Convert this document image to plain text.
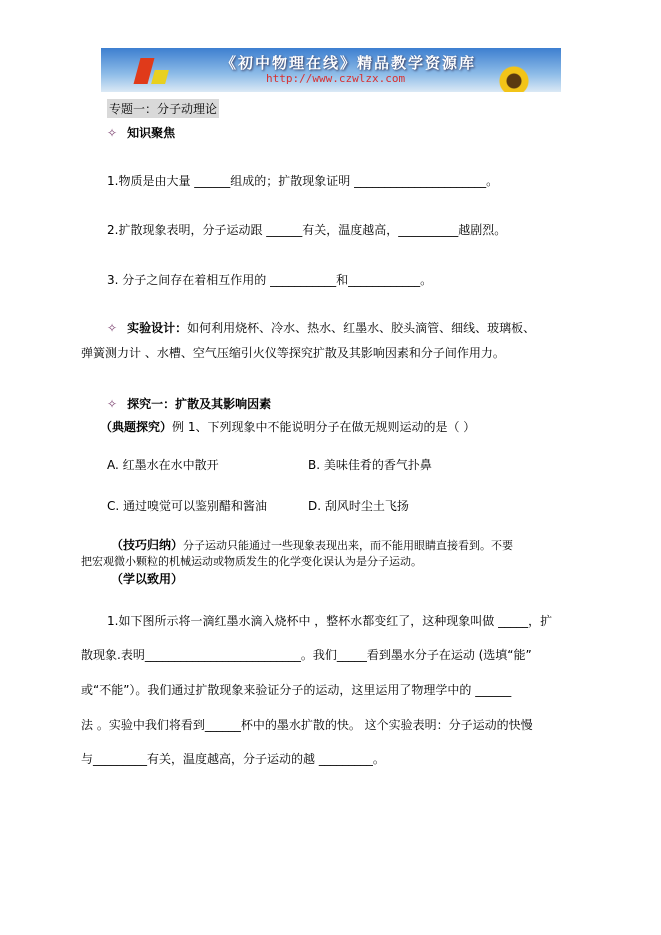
《初中物理在线》精品教学资源库
http://www.czwlzx.com
专题一：分子动理论
✧ 知识聚焦
1.物质是由大量 ______组成的；扩散现象证明 ______________________。
2.扩散现象表明，分子运动跟 ______有关，温度越高，__________越剧烈。
3. 分子之间存在着相互作用的 ___________和____________。
✧ 实验设计：如何利用烧杯、冷水、热水、红墨水、胶头滴管、细线、玻璃板、
弹簧测力计 、水槽、空气压缩引火仪等探究扩散及其影响因素和分子间作用力。
✧ 探究一：扩散及其影响因素
（典题探究）例 1、下列现象中不能说明分子在做无规则运动的是（ ）
A. 红墨水在水中散开	B. 美味佳肴的香气扑鼻
C. 通过嗅觉可以鉴别醋和酱油	D. 刮风时尘土飞扬
（技巧归纳）分子运动只能通过一些现象表现出来，而不能用眼睛直接看到。不要
把宏观微小颗粒的机械运动或物质发生的化学变化误认为是分子运动。
（学以致用）
1.如下图所示将一滴红墨水滴入烧杯中 ，整杯水都变红了，这种现象叫做 _____，扩
散现象.表明__________________________。我们_____看到墨水分子在运动 (选填“能”
或“不能”）。我们通过扩散现象来验证分子的运动，这里运用了物理学中的 ______
法 。实验中我们将看到______杯中的墨水扩散的快。 这个实验表明：分子运动的快慢
与_________有关，温度越高，分子运动的越 _________。
